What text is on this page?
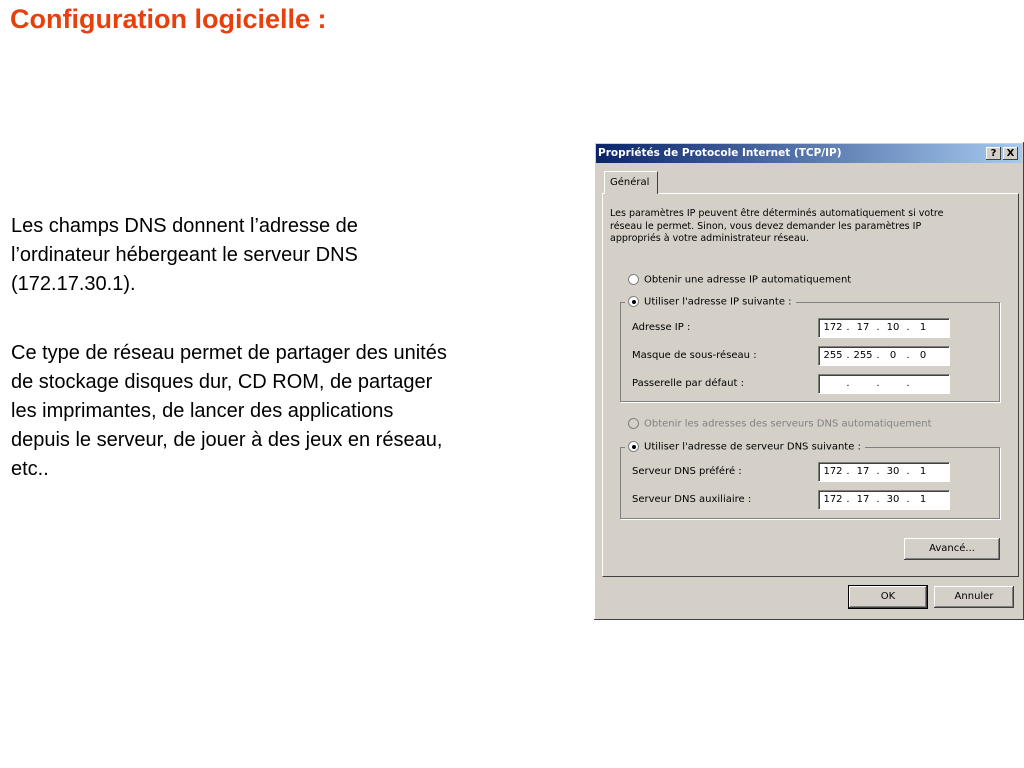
Configuration logicielle :
Les champs DNS donnent l’adresse de
l’ordinateur hébergeant le serveur DNS
(172.17.30.1).
Ce type de réseau permet de partager des unités
de stockage disques dur, CD ROM, de partager
les imprimantes, de lancer des applications
depuis le serveur, de jouer à des jeux en réseau,
etc..
Propriétés de Protocole Internet (TCP/IP)	?	X
Général
Les paramètres IP peuvent être déterminés automatiquement si votre
réseau le permet. Sinon, vous devez demander les paramètres IP
appropriés à votre administrateur réseau.
Obtenir une adresse IP automatiquement
Utiliser l'adresse IP suivante :
Adresse IP :	172 . 17 . 10 .	1
Masque de sous-réseau :	255 . 255 .	0	.	0
Passerelle par défaut :	.	.	.
Obtenir les adresses des serveurs DNS automatiquement
Utiliser l'adresse de serveur DNS suivante :
Serveur DNS préféré :	172 . 17 . 30 .	1
Serveur DNS auxiliaire :	172 . 17 . 30 .	1
Avancé...
OK	Annuler
